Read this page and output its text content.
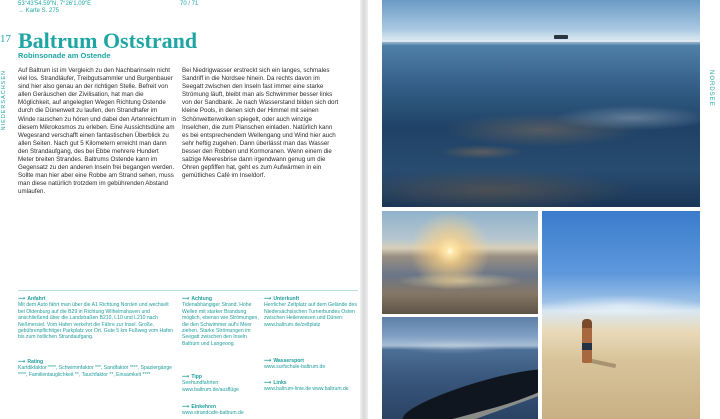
53°43'54.59"N, 7°26'1.09"E
→ Karte S. 275
70 / 71
17
NIEDERSACHSEN
Baltrum Oststrand
Robinsonade am Ostende

Auf Baltrum ist im Vergleich zu den Nachbarinseln nicht viel los. Strandläufer, Treibgutsammler und Burgenbauer sind hier also genau an der richtigen Stelle. Befreit von allen Geräuschen der Zivilisation, hat man die Möglichkeit, auf angelegten Wegen Richtung Ostende durch die Dünenwelt zu laufen, den Strandhafer im Winde rauschen zu hören und dabei den Artenreichtum in diesem Mikrokosmos zu erleben. Eine Aussichtsdüne am Wegesrand verschafft einen fantastischen Überblick zu allen Seiten. Nach gut 5 Kilometern erreicht man dann den Strandaufgang, des bei Ebbe mehrere Hundert Meter breiten Strandes. Baltrums Ostende kann im Gegensatz zu den anderen Inseln frei begangen werden. Sollte man hier aber eine Robbe am Strand sehen, muss man diese natürlich trotzdem im gebührenden Abstand umlaufen.

Bei Niedrigwasser erstreckt sich ein langes, schmales Sandriff in die Nordsee hinein. Da rechts davon im Seegatt zwischen den Inseln fast immer eine starke Strömung läuft, bleibt man als Schwimmer besser links von der Sandbank. Je nach Wasserstand bilden sich dort kleine Pools, in denen sich der Himmel mit seinen Schönwetterwolken spiegelt, oder auch winzige Inselchen, die zum Planschen einladen. Natürlich kann es bei entsprechendem Wellengang und Wind hier auch sehr heftig zugehen. Dann überlässt man das Wasser besser den Robben und Kormoranen. Wenn einem die salzige Meeresbrise dann irgendwann genug um die Ohren gepfiffen hat, geht es zum Aufwärmen in ein gemütliches Café im Inseldorf.

⟶ Anfahrt
Mit dem Auto fährt man über die A1 Richtung Norden und wechselt bei Oldenburg auf die B29 in Richtung Wilhelmshaven und anschließend über die Landstraßen B210, L10 und L210 nach Neßmersiel. Vom Hafen verkehrt die Fähre zur Insel. Große, gebührenpflichtiger Parkplatz vor Ort. Gute 5 km Fußweg vom Hafen bis zum östlichen Strandaufgang.
⟶ Rating
Kartdikfaktor ****, Schwimmfaktor ***, Sandfaktor ****, Spaziergänge ****, Familientauglichkeit **, Tauchfaktor **, Einsamkeit ****
⟶ Achtung
Tidenabhängiger Strand. Hohe Wellen mit starker Brandung möglich, ebenso wie Strömungen, die den Schwimmer auf's Meer ziehen. Starke Strömungen im Seegatt zwischen den Inseln Baltrum und Langeoog.
⟶ Tipp
Seehundfahrten: www.baltrum.de/ausflüge
⟶ Einkehren
www.strandcafe-baltrum.de
⟶ Unterkunft
Herrlicher Zeltplatz auf dem Gelände des Niedersächsischen Turnerbundes Osten zwischen Heilerwiesen und Dünen: www.baltrum.de/zeltplatz
⟶ Wassersport
www.surfschule-baltrum.de
⟶ Links
www.baltrum-linie.de www.baltrum.de
NORDSEE
